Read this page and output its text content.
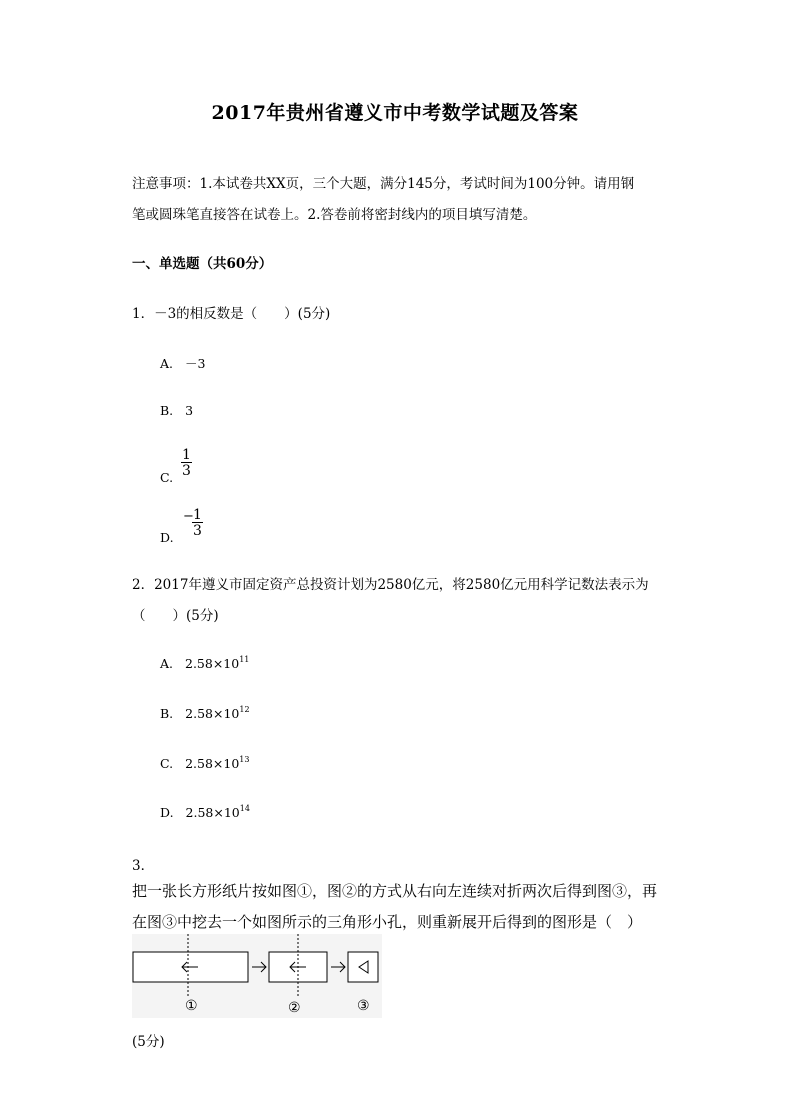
2017年贵州省遵义市中考数学试题及答案
注意事项：1.本试卷共XX页，三个大题，满分145分，考试时间为100分钟。请用钢
笔或圆珠笔直接答在试卷上。2.答卷前将密封线内的项目填写清楚。
一、单选题（共60分）
1．－3的相反数是（　　）(5分)
A. －3
B. 3
C. $\frac{1}{3}$
D.
−
$\frac{1}{3}$
2．2017年遵义市固定资产总投资计划为2580亿元，将2580亿元用科学记数法表示为
（　　）(5分)
A. $2.58\times 10^{11}$
B. $2.58\times 10^{12}$
C. $2.58\times 10^{13}$
D. $2.58\times 10^{14}$
3．
把一张长方形纸片按如图①，图②的方式从右向左连续对折两次后得到图③，再
在图③中挖去一个如图所示的三角形小孔，则重新展开后得到的图形是（　）
①	②	③
(5分)
